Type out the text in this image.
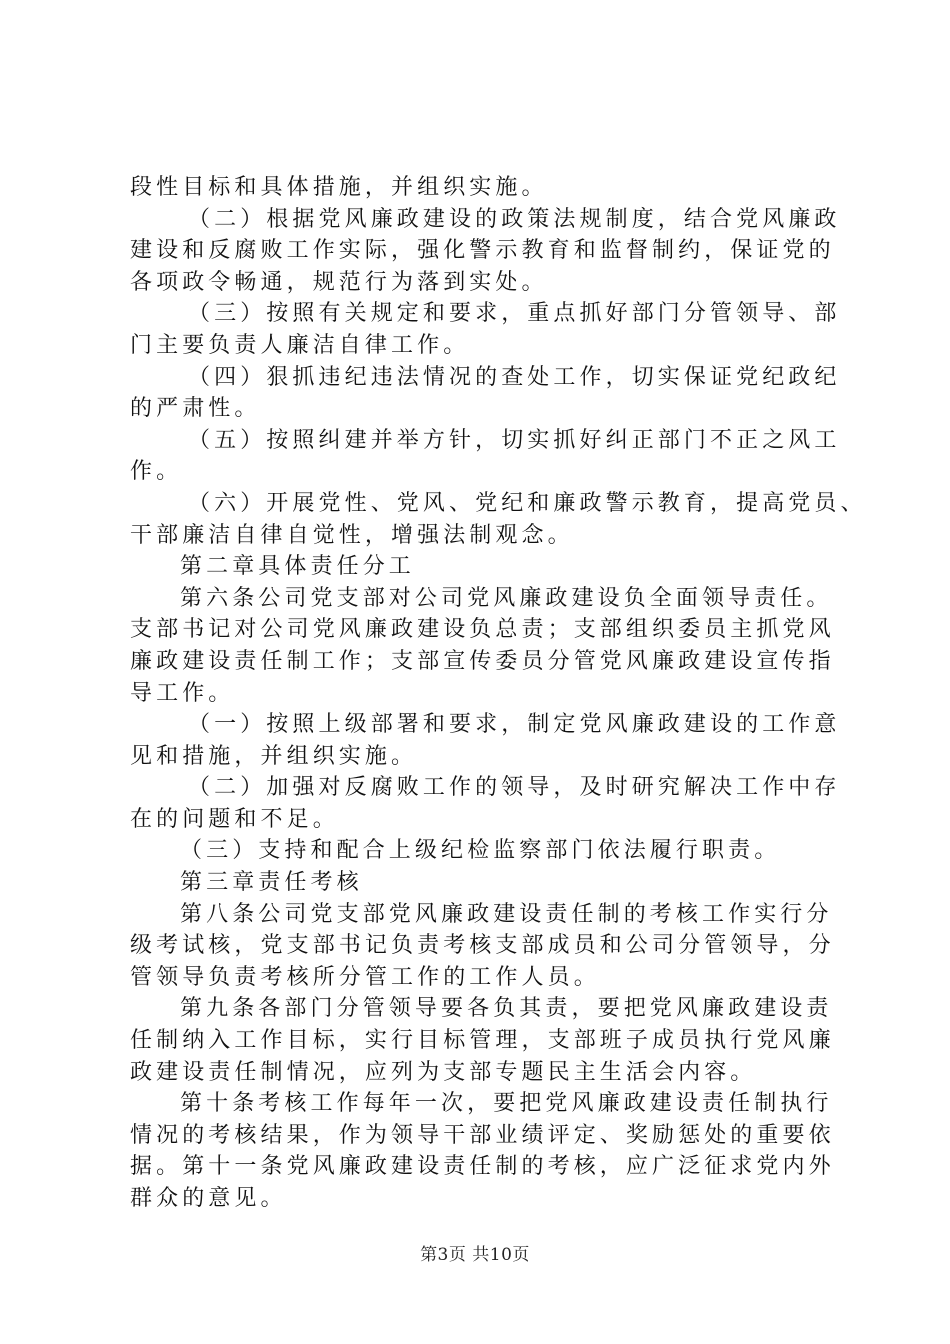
段性目标和具体措施，并组织实施。
（二）根据党风廉政建设的政策法规制度，结合党风廉政
建设和反腐败工作实际，强化警示教育和监督制约，保证党的
各项政令畅通，规范行为落到实处。
（三）按照有关规定和要求，重点抓好部门分管领导、部
门主要负责人廉洁自律工作。
（四）狠抓违纪违法情况的查处工作，切实保证党纪政纪
的严肃性。
（五）按照纠建并举方针，切实抓好纠正部门不正之风工
作。
（六）开展党性、党风、党纪和廉政警示教育，提高党员、
干部廉洁自律自觉性，增强法制观念。
第二章具体责任分工
第六条公司党支部对公司党风廉政建设负全面领导责任。
支部书记对公司党风廉政建设负总责；支部组织委员主抓党风
廉政建设责任制工作；支部宣传委员分管党风廉政建设宣传指
导工作。
（一）按照上级部署和要求，制定党风廉政建设的工作意
见和措施，并组织实施。
（二）加强对反腐败工作的领导，及时研究解决工作中存
在的问题和不足。
（三）支持和配合上级纪检监察部门依法履行职责。
第三章责任考核
第八条公司党支部党风廉政建设责任制的考核工作实行分
级考试核，党支部书记负责考核支部成员和公司分管领导，分
管领导负责考核所分管工作的工作人员。
第九条各部门分管领导要各负其责，要把党风廉政建设责
任制纳入工作目标，实行目标管理，支部班子成员执行党风廉
政建设责任制情况，应列为支部专题民主生活会内容。
第十条考核工作每年一次，要把党风廉政建设责任制执行
情况的考核结果，作为领导干部业绩评定、奖励惩处的重要依
据。第十一条党风廉政建设责任制的考核，应广泛征求党内外
群众的意见。
第3页 共10页
